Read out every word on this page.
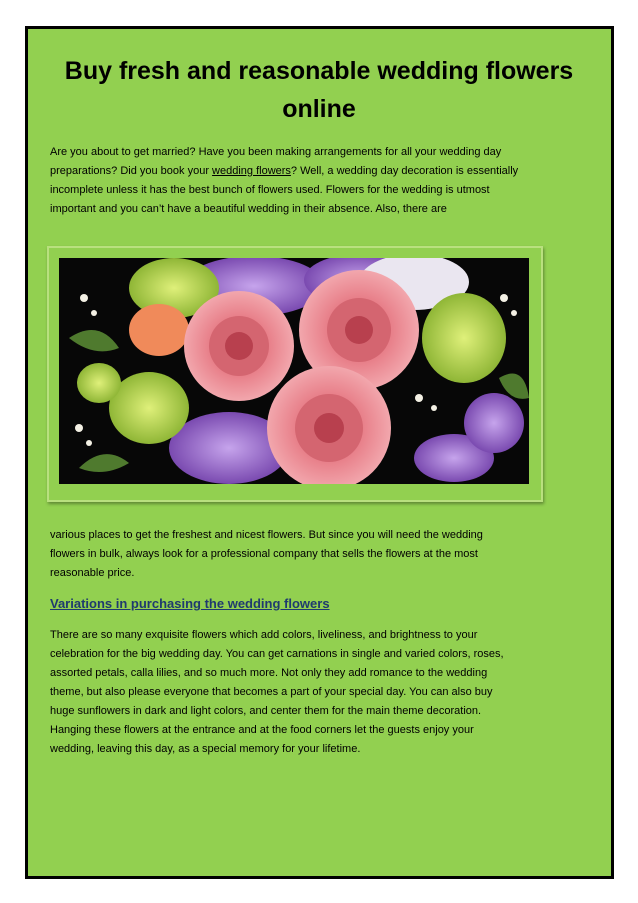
Buy fresh and reasonable wedding flowers online

Are you about to get married? Have you been making arrangements for all your wedding day preparations? Did you book your wedding flowers? Well, a wedding day decoration is essentially incomplete unless it has the best bunch of flowers used. Flowers for the wedding is utmost important and you can’t have a beautiful wedding in their absence. Also, there are

various places to get the freshest and nicest flowers. But since you will need the wedding flowers in bulk, always look for a professional company that sells the flowers at the most reasonable price.

Variations in purchasing the wedding flowers

There are so many exquisite flowers which add colors, liveliness, and brightness to your celebration for the big wedding day. You can get carnations in single and varied colors, roses, assorted petals, calla lilies, and so much more. Not only they add romance to the wedding theme, but also please everyone that becomes a part of your special day. You can also buy huge sunflowers in dark and light colors, and center them for the main theme decoration. Hanging these flowers at the entrance and at the food corners let the guests enjoy your wedding, leaving this day, as a special memory for your lifetime.
